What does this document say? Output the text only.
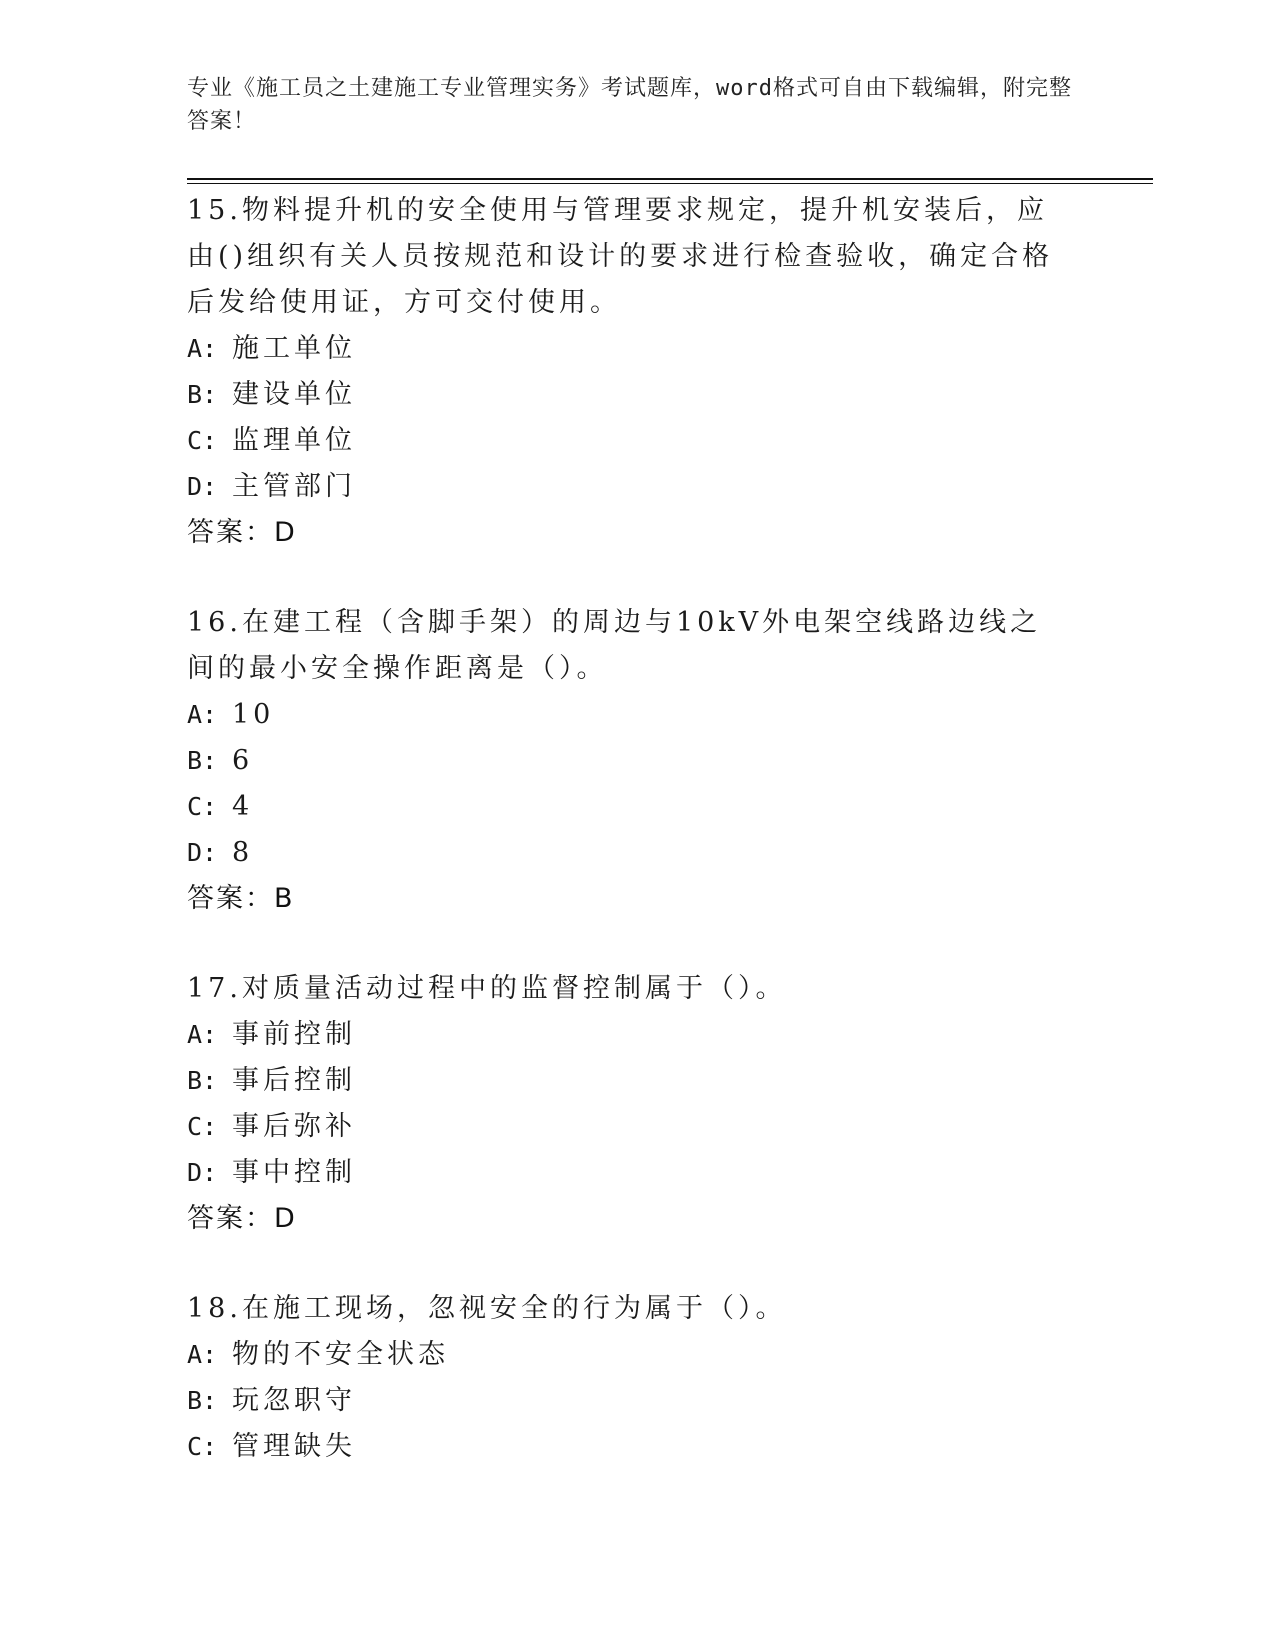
专业《施工员之土建施工专业管理实务》考试题库，word格式可自由下载编辑，附完整答案！

15.物料提升机的安全使用与管理要求规定，提升机安装后，应由()组织有关人员按规范和设计的要求进行检查验收，确定合格后发给使用证，方可交付使用。

A: 施工单位

B: 建设单位

C: 监理单位

D: 主管部门

答案：D

16.在建工程（含脚手架）的周边与10kV外电架空线路边线之间的最小安全操作距离是（）。

A: 10

B: 6

C: 4

D: 8

答案：B

17.对质量活动过程中的监督控制属于（）。

A: 事前控制

B: 事后控制

C: 事后弥补

D: 事中控制

答案：D

18.在施工现场，忽视安全的行为属于（）。

A: 物的不安全状态

B: 玩忽职守

C: 管理缺失
